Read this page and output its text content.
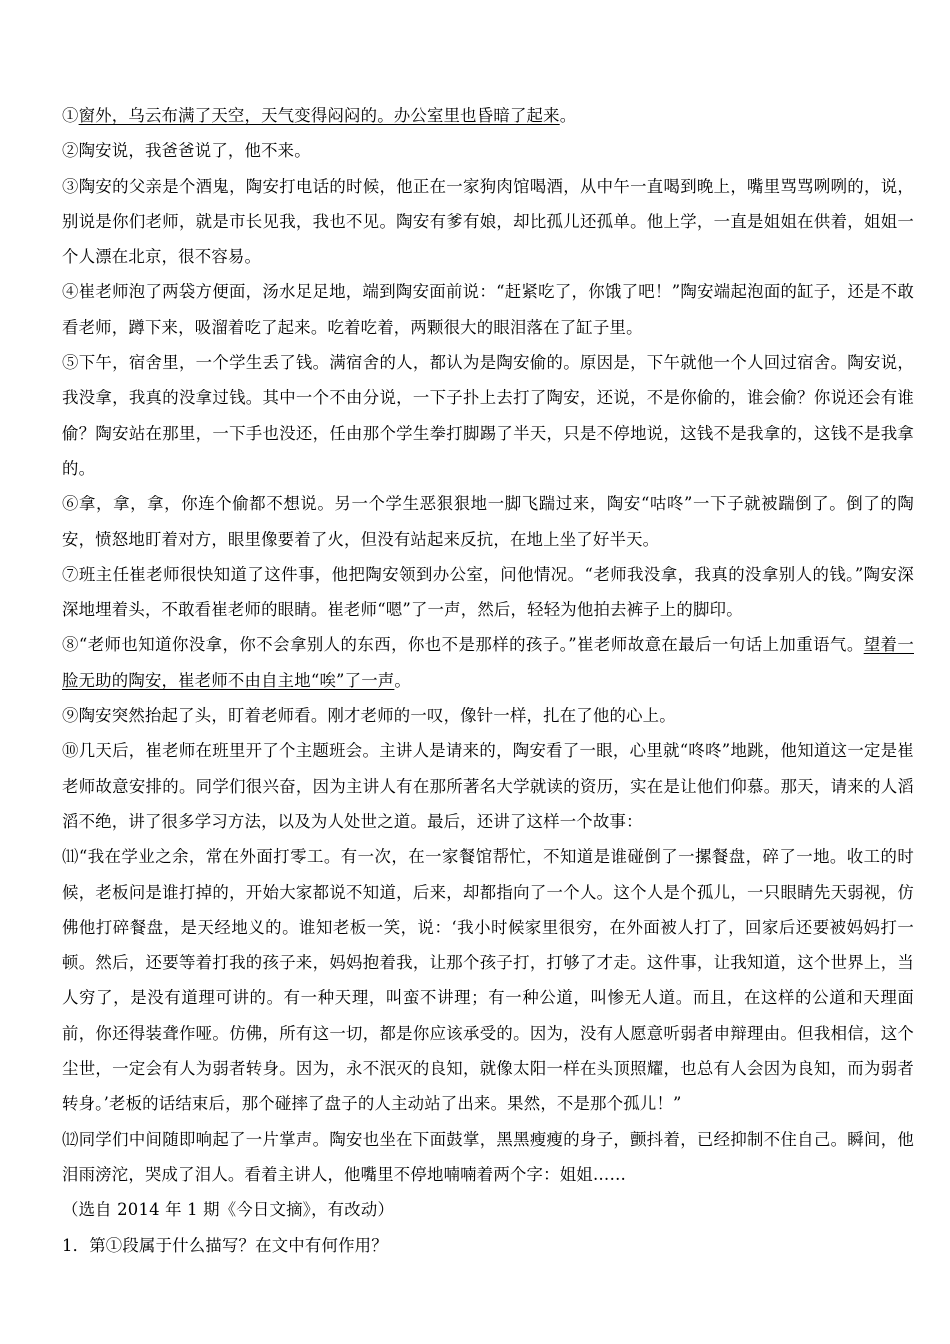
①窗外，乌云布满了天空，天气变得闷闷的。办公室里也昏暗了起来。

②陶安说，我爸爸说了，他不来。

③陶安的父亲是个酒鬼，陶安打电话的时候，他正在一家狗肉馆喝酒，从中午一直喝到晚上，嘴里骂骂咧咧的，说，别说是你们老师，就是市长见我，我也不见。陶安有爹有娘，却比孤儿还孤单。他上学，一直是姐姐在供着，姐姐一个人漂在北京，很不容易。

④崔老师泡了两袋方便面，汤水足足地，端到陶安面前说：“赶紧吃了，你饿了吧！”陶安端起泡面的缸子，还是不敢看老师，蹲下来，吸溜着吃了起来。吃着吃着，两颗很大的眼泪落在了缸子里。

⑤下午，宿舍里，一个学生丢了钱。满宿舍的人，都认为是陶安偷的。原因是，下午就他一个人回过宿舍。陶安说，我没拿，我真的没拿过钱。其中一个不由分说，一下子扑上去打了陶安，还说，不是你偷的，谁会偷？你说还会有谁偷？陶安站在那里，一下手也没还，任由那个学生拳打脚踢了半天，只是不停地说，这钱不是我拿的，这钱不是我拿的。

⑥拿，拿，拿，你连个偷都不想说。另一个学生恶狠狠地一脚飞踹过来，陶安“咕咚”一下子就被踹倒了。倒了的陶安，愤怒地盯着对方，眼里像要着了火，但没有站起来反抗，在地上坐了好半天。

⑦班主任崔老师很快知道了这件事，他把陶安领到办公室，问他情况。“老师我没拿，我真的没拿别人的钱。”陶安深深地埋着头，不敢看崔老师的眼睛。崔老师“嗯”了一声，然后，轻轻为他拍去裤子上的脚印。

⑧“老师也知道你没拿，你不会拿别人的东西，你也不是那样的孩子。”崔老师故意在最后一句话上加重语气。望着一脸无助的陶安，崔老师不由自主地“唉”了一声。

⑨陶安突然抬起了头，盯着老师看。刚才老师的一叹，像针一样，扎在了他的心上。

⑩几天后，崔老师在班里开了个主题班会。主讲人是请来的，陶安看了一眼，心里就“咚咚”地跳，他知道这一定是崔老师故意安排的。同学们很兴奋，因为主讲人有在那所著名大学就读的资历，实在是让他们仰慕。那天，请来的人滔滔不绝，讲了很多学习方法，以及为人处世之道。最后，还讲了这样一个故事：

⑾“我在学业之余，常在外面打零工。有一次，在一家餐馆帮忙，不知道是谁碰倒了一摞餐盘，碎了一地。收工的时候，老板问是谁打掉的，开始大家都说不知道，后来，却都指向了一个人。这个人是个孤儿，一只眼睛先天弱视，仿佛他打碎餐盘，是天经地义的。谁知老板一笑，说：‘我小时候家里很穷，在外面被人打了，回家后还要被妈妈打一顿。然后，还要等着打我的孩子来，妈妈抱着我，让那个孩子打，打够了才走。这件事，让我知道，这个世界上，当人穷了，是没有道理可讲的。有一种天理，叫蛮不讲理；有一种公道，叫惨无人道。而且，在这样的公道和天理面前，你还得装聋作哑。仿佛，所有这一切，都是你应该承受的。因为，没有人愿意听弱者申辩理由。但我相信，这个尘世，一定会有人为弱者转身。因为，永不泯灭的良知，就像太阳一样在头顶照耀，也总有人会因为良知，而为弱者转身。’老板的话结束后，那个碰摔了盘子的人主动站了出来。果然，不是那个孤儿！”

⑿同学们中间随即响起了一片掌声。陶安也坐在下面鼓掌，黑黑瘦瘦的身子，颤抖着，已经抑制不住自己。瞬间，他泪雨滂沱，哭成了泪人。看着主讲人，他嘴里不停地喃喃着两个字：姐姐……

（选自 2014 年 1 期《今日文摘》，有改动）

1．第①段属于什么描写？在文中有何作用？
